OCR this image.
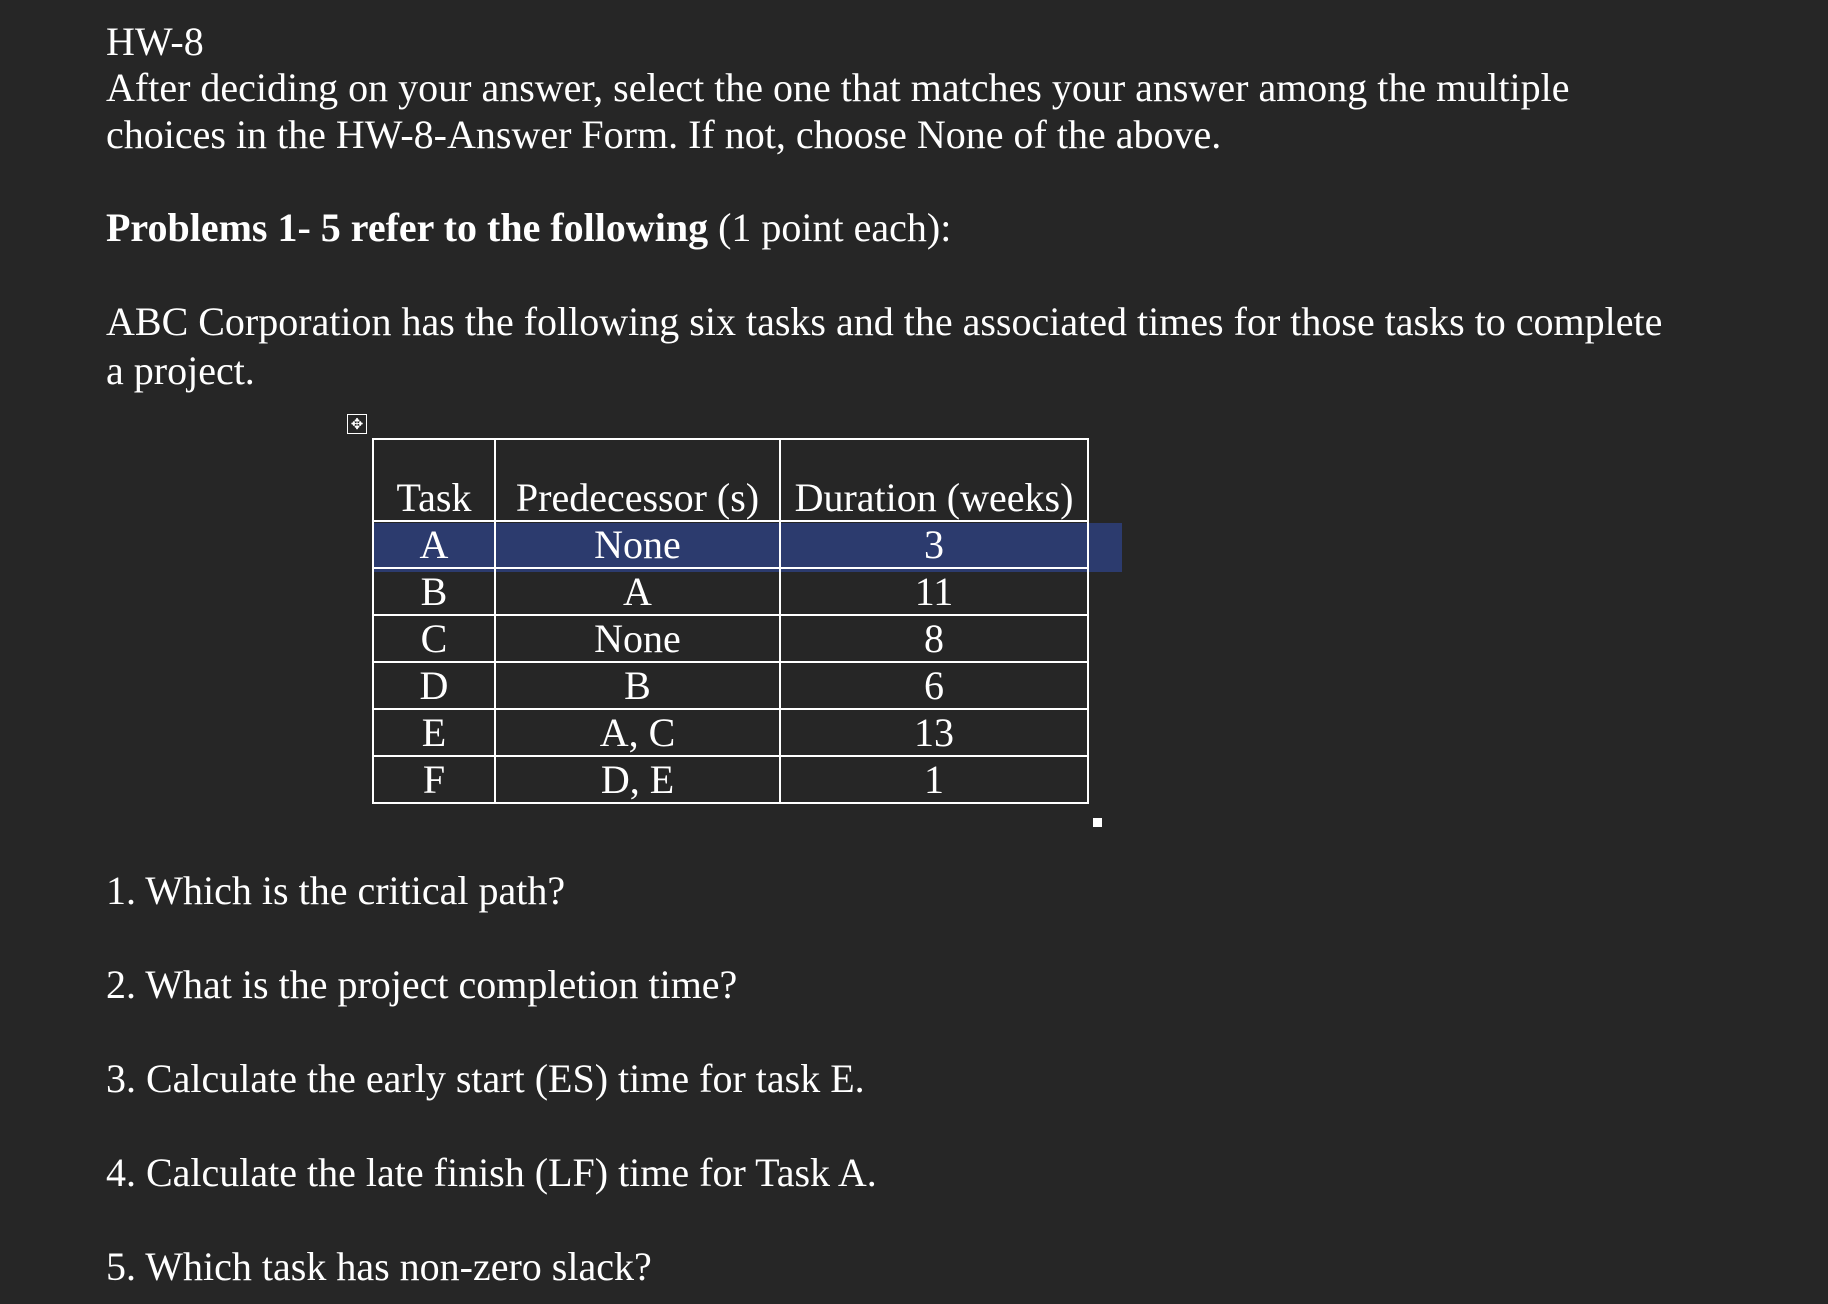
HW-8

After deciding on your answer, select the one that matches your answer among the multiple

choices in the HW-8-Answer Form. If not, choose None of the above.

Problems 1- 5 refer to the following (1 point each):

ABC Corporation has the following six tasks and the associated times for those tasks to complete

a project.

✥
Task	Predecessor (s)	Duration (weeks)
A	None	3
B	A	11
C	None	8
D	B	6
E	A, C	13
F	D, E	1

1. Which is the critical path?

2. What is the project completion time?

3. Calculate the early start (ES) time for task E.

4. Calculate the late finish (LF) time for Task A.

5. Which task has non-zero slack?
